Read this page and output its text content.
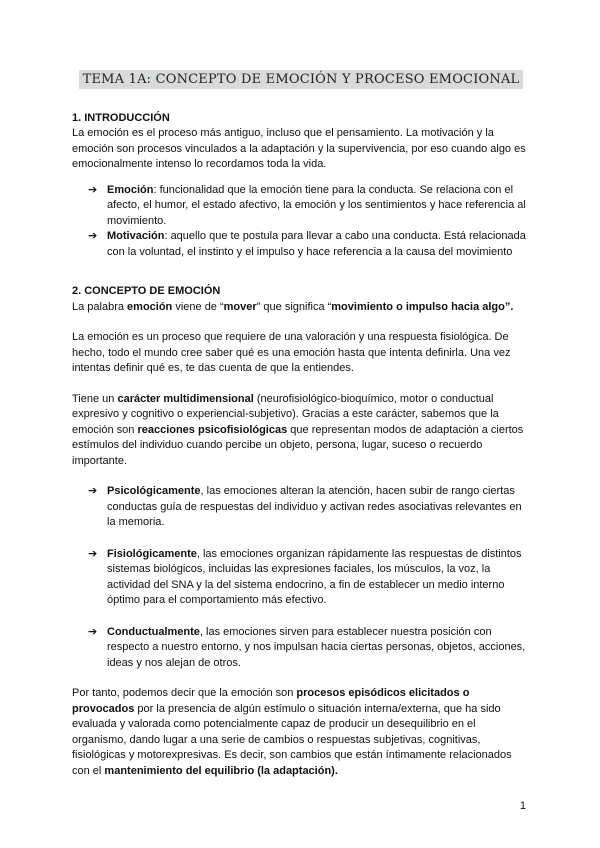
TEMA 1A: CONCEPTO DE EMOCIÓN Y PROCESO EMOCIONAL
1. INTRODUCCIÓN

La emoción es el proceso más antiguo, incluso que el pensamiento. La motivación y la emoción son procesos vinculados a la adaptación y la supervivencia, por eso cuando algo es emocionalmente intenso lo recordamos toda la vida.

➔ Emoción: funcionalidad que la emoción tiene para la conducta. Se relaciona con el afecto, el humor, el estado afectivo, la emoción y los sentimientos y hace referencia al movimiento.
➔ Motivación: aquello que te postula para llevar a cabo una conducta. Está relacionada con la voluntad, el instinto y el impulso y hace referencia a la causa del movimiento
2. CONCEPTO DE EMOCIÓN

La palabra emoción viene de “mover” que significa “movimiento o impulso hacia algo”.

La emoción es un proceso que requiere de una valoración y una respuesta fisiológica. De hecho, todo el mundo cree saber qué es una emoción hasta que intenta definirla. Una vez intentas definir qué es, te das cuenta de que la entiendes.

Tiene un carácter multidimensional (neurofisiológico-bioquímico, motor o conductual expresivo y cognitivo o experiencial-subjetivo). Gracias a este carácter, sabemos que la emoción son reacciones psicofisiológicas que representan modos de adaptación a ciertos estímulos del individuo cuando percibe un objeto, persona, lugar, suceso o recuerdo importante.

➔ Psicológicamente, las emociones alteran la atención, hacen subir de rango ciertas conductas guía de respuestas del individuo y activan redes asociativas relevantes en la memoria.
➔ Fisiológicamente, las emociones organizan rápidamente las respuestas de distintos sistemas biológicos, incluidas las expresiones faciales, los músculos, la voz, la actividad del SNA y la del sistema endocrino, a fin de establecer un medio interno óptimo para el comportamiento más efectivo.
➔ Conductualmente, las emociones sirven para establecer nuestra posición con respecto a nuestro entorno, y nos impulsan hacia ciertas personas, objetos, acciones, ideas y nos alejan de otros.

Por tanto, podemos decir que la emoción son procesos episódicos elicitados o provocados por la presencia de algún estímulo o situación interna/externa, que ha sido evaluada y valorada como potencialmente capaz de producir un desequilibrio en el organismo, dando lugar a una serie de cambios o respuestas subjetivas, cognitivas, fisiológicas y motorexpresivas. Es decir, son cambios que están íntimamente relacionados con el mantenimiento del equilibrio (la adaptación).

1
